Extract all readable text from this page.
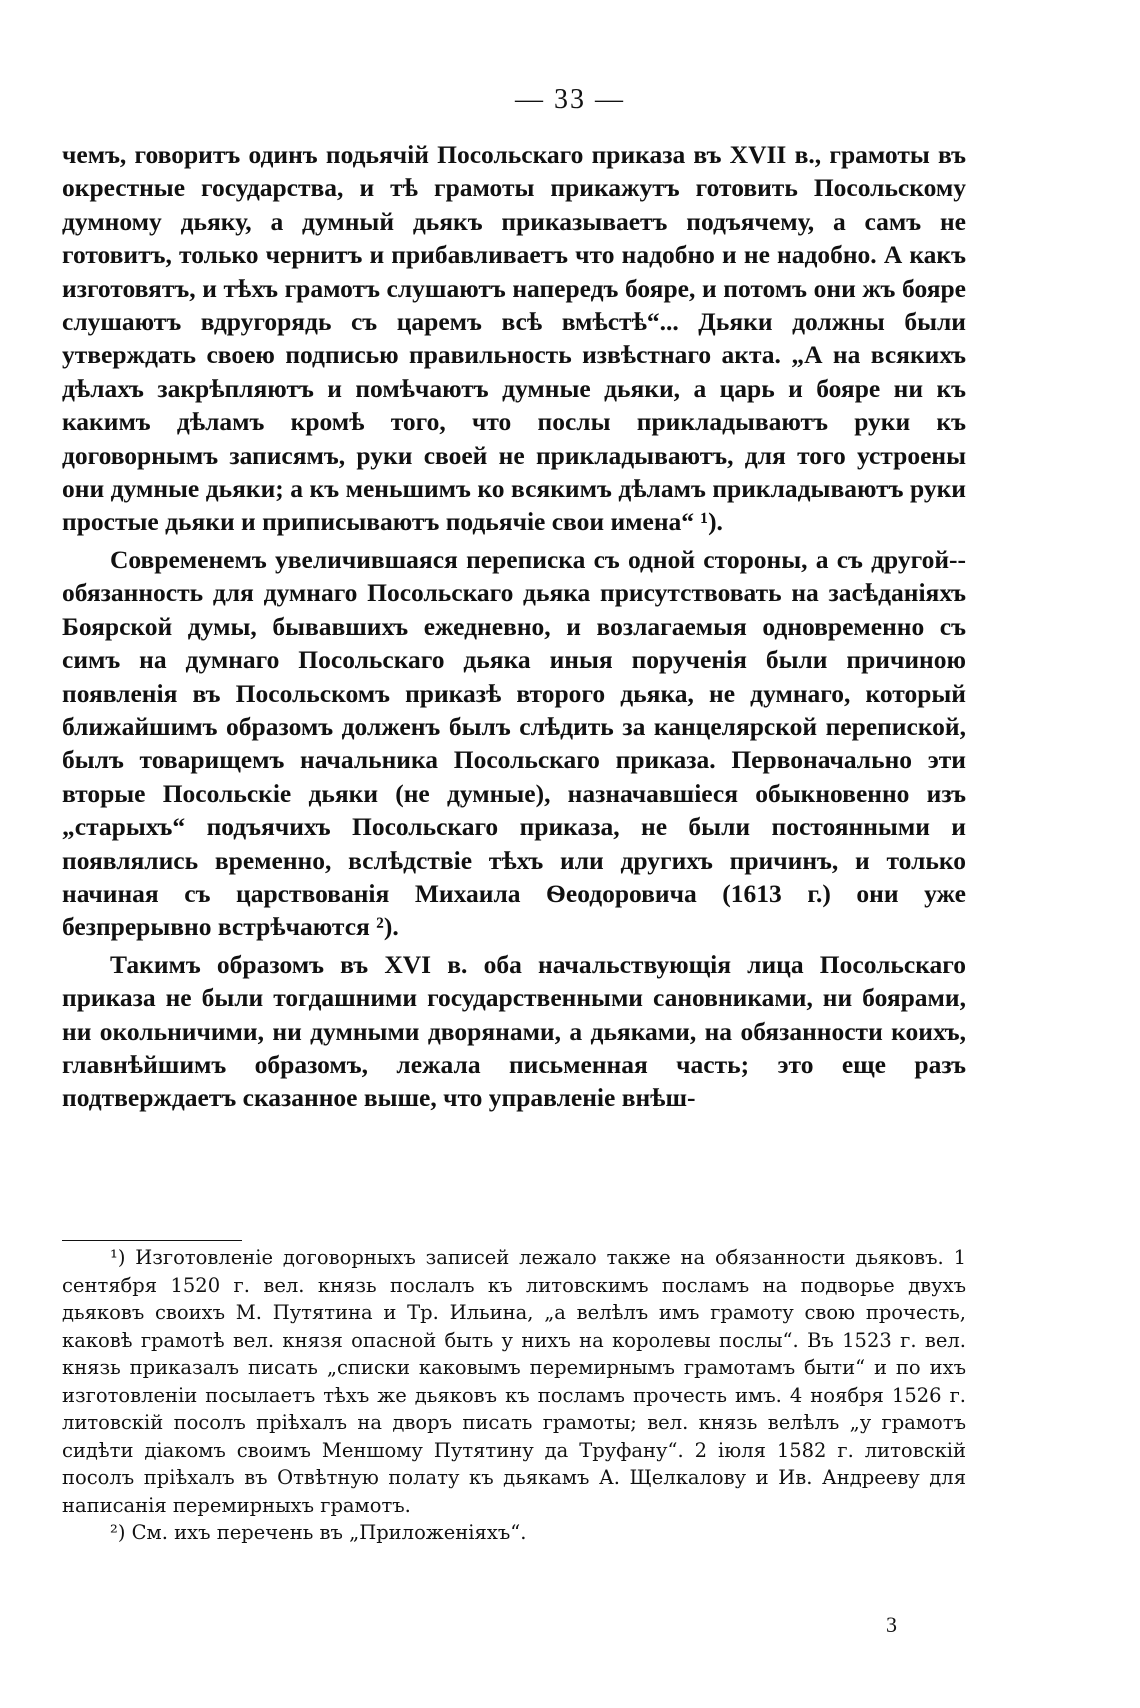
— 33 —

чемъ, говоритъ одинъ подьячій Посольскаго приказа въ XVII в., грамоты въ окрестные государства, и тѣ грамоты прикажутъ готовить Посольскому думному дьяку, а думный дьякъ приказываетъ подъячему, а самъ не готовитъ, только чернитъ и прибавливаетъ что надобно и не надобно. А какъ изготовятъ, и тѣхъ грамотъ слушаютъ напередъ бояре, и потомъ они жъ бояре слушаютъ вдругорядь съ царемъ всѣ вмѣстѣ“... Дьяки должны были утверждать своею подписью правильность извѣстнаго акта. „А на всякихъ дѣлахъ закрѣпляютъ и помѣчаютъ думные дьяки, а царь и бояре ни къ какимъ дѣламъ кромѣ того, что послы прикладываютъ руки къ договорнымъ записямъ, руки своей не прикладываютъ, для того устроены они думные дьяки; а къ меньшимъ ко всякимъ дѣламъ прикладываютъ руки простые дьяки и приписываютъ подьячіе свои имена“ ¹).

Современемъ увеличившаяся переписка съ одной стороны, а съ другой--обязанность для думнаго Посольскаго дьяка присутствовать на засѣданіяхъ Боярской думы, бывавшихъ ежедневно, и возлагаемыя одновременно съ симъ на думнаго Посольскаго дьяка иныя порученія были причиною появленія въ Посольскомъ приказѣ второго дьяка, не думнаго, который ближайшимъ образомъ долженъ былъ слѣдить за канцелярской перепиской, былъ товарищемъ начальника Посольскаго приказа. Первоначально эти вторые Посольскіе дьяки (не думные), назначавшіеся обыкновенно изъ „старыхъ“ подъячихъ Посольскаго приказа, не были постоянными и появлялись временно, вслѣдствіе тѣхъ или другихъ причинъ, и только начиная съ царствованія Михаила Ѳеодоровича (1613 г.) они уже безпрерывно встрѣчаются ²).

Такимъ образомъ въ XVI в. оба начальствующія лица Посольскаго приказа не были тогдашними государственными сановниками, ни боярами, ни окольничими, ни думными дворянами, а дьяками, на обязанности коихъ, главнѣйшимъ образомъ, лежала письменная часть; это еще разъ подтверждаетъ сказанное выше, что управленіе внѣш-

¹) Изготовленіе договорныхъ записей лежало также на обязанности дьяковъ. 1 сентября 1520 г. вел. князь послалъ къ литовскимъ посламъ на подворье двухъ дьяковъ своихъ М. Путятина и Тр. Ильина, „а велѣлъ имъ грамоту свою прочесть, каковѣ грамотѣ вел. князя опасной быть у нихъ на королевы послы“. Въ 1523 г. вел. князь приказалъ писать „списки каковымъ перемирнымъ грамотамъ быти“ и по ихъ изготовленіи посылаетъ тѣхъ же дьяковъ къ посламъ прочесть имъ. 4 ноября 1526 г. литовскій посолъ пріѣхалъ на дворъ писать грамоты; вел. князь велѣлъ „у грамотъ сидѣти діакомъ своимъ Меншому Путятину да Труфану“. 2 іюля 1582 г. литовскій посолъ пріѣхалъ въ Отвѣтную полату къ дьякамъ А. Щелкалову и Ив. Андрееву для написанія перемирныхъ грамотъ.

²) См. ихъ перечень въ „Приложеніяхъ“.

3
